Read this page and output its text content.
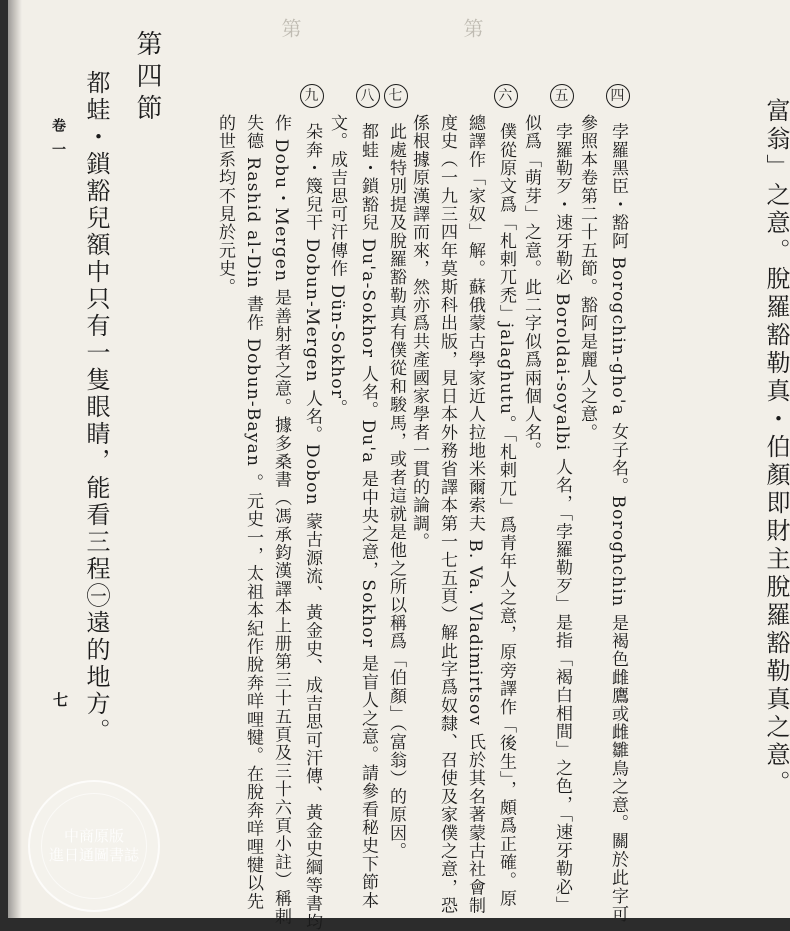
第	第
富翁」之意。脫羅豁勒真・伯顏即財主脫羅豁勒真之意。
四 孛羅黑臣・豁阿 Borogchin-gho'a 女子名。Boroghchin 是褐色雌鷹或雌雛鳥之意。關於此字可
參照本卷第二十五節。豁阿是麗人之意。
五 孛羅勒歹・速牙勒必 Boroldai-soyalbi 人名，「孛羅勒歹」是指「褐白相間」之色，「速牙勒必」
似爲「萌芽」之意。此二字似爲兩個人名。
六 僕從原文爲「札剌兀禿」jalaghutu。「札剌兀」爲青年人之意，原旁譯作「後生」，頗爲正確。原
總譯作「家奴」解。蘇俄蒙古學家近人拉地米爾索夫 B. Va. Vladimirtsov 氏於其名著蒙古社會制
度史（一九三四年莫斯科出版，見日本外務省譯本第一七五頁）解此字爲奴隸、召使及家僕之意，恐
係根據原漢譯而來，然亦爲共產國家學者一貫的論調。
七 此處特別提及脫羅豁勒真有僕從和駿馬，或者這就是他之所以稱爲「伯顏」（富翁）的原因。
八 都蛙・鎖豁兒 Du'a-Sokhor 人名。Du'a 是中央之意，Sokhor 是盲人之意。請參看秘史下節本
文。成吉思可汗傳作 Dün-Sokhor。
九 朵奔・篾兒干 Dobun-Mergen 人名。Dobon 蒙古源流、黃金史、成吉思可汗傳、黃金史綱等書均
作 Dobu・Mergen 是善射者之意。據多桑書（馮承鈞漢譯本上册第三十五頁及三十六頁小註）稱剌
失德 Rashid al-Din 書作 Dobun-Bayan 。元史一，太祖本紀作脫奔咩哩犍。在脫奔咩哩犍以先
的世系均不見於元史。
第四節
都蛙・鎖豁兒額中只有一隻眼睛，能看三程㊀遠的地方。
卷一
七
中商原版
進日通圖書誌
